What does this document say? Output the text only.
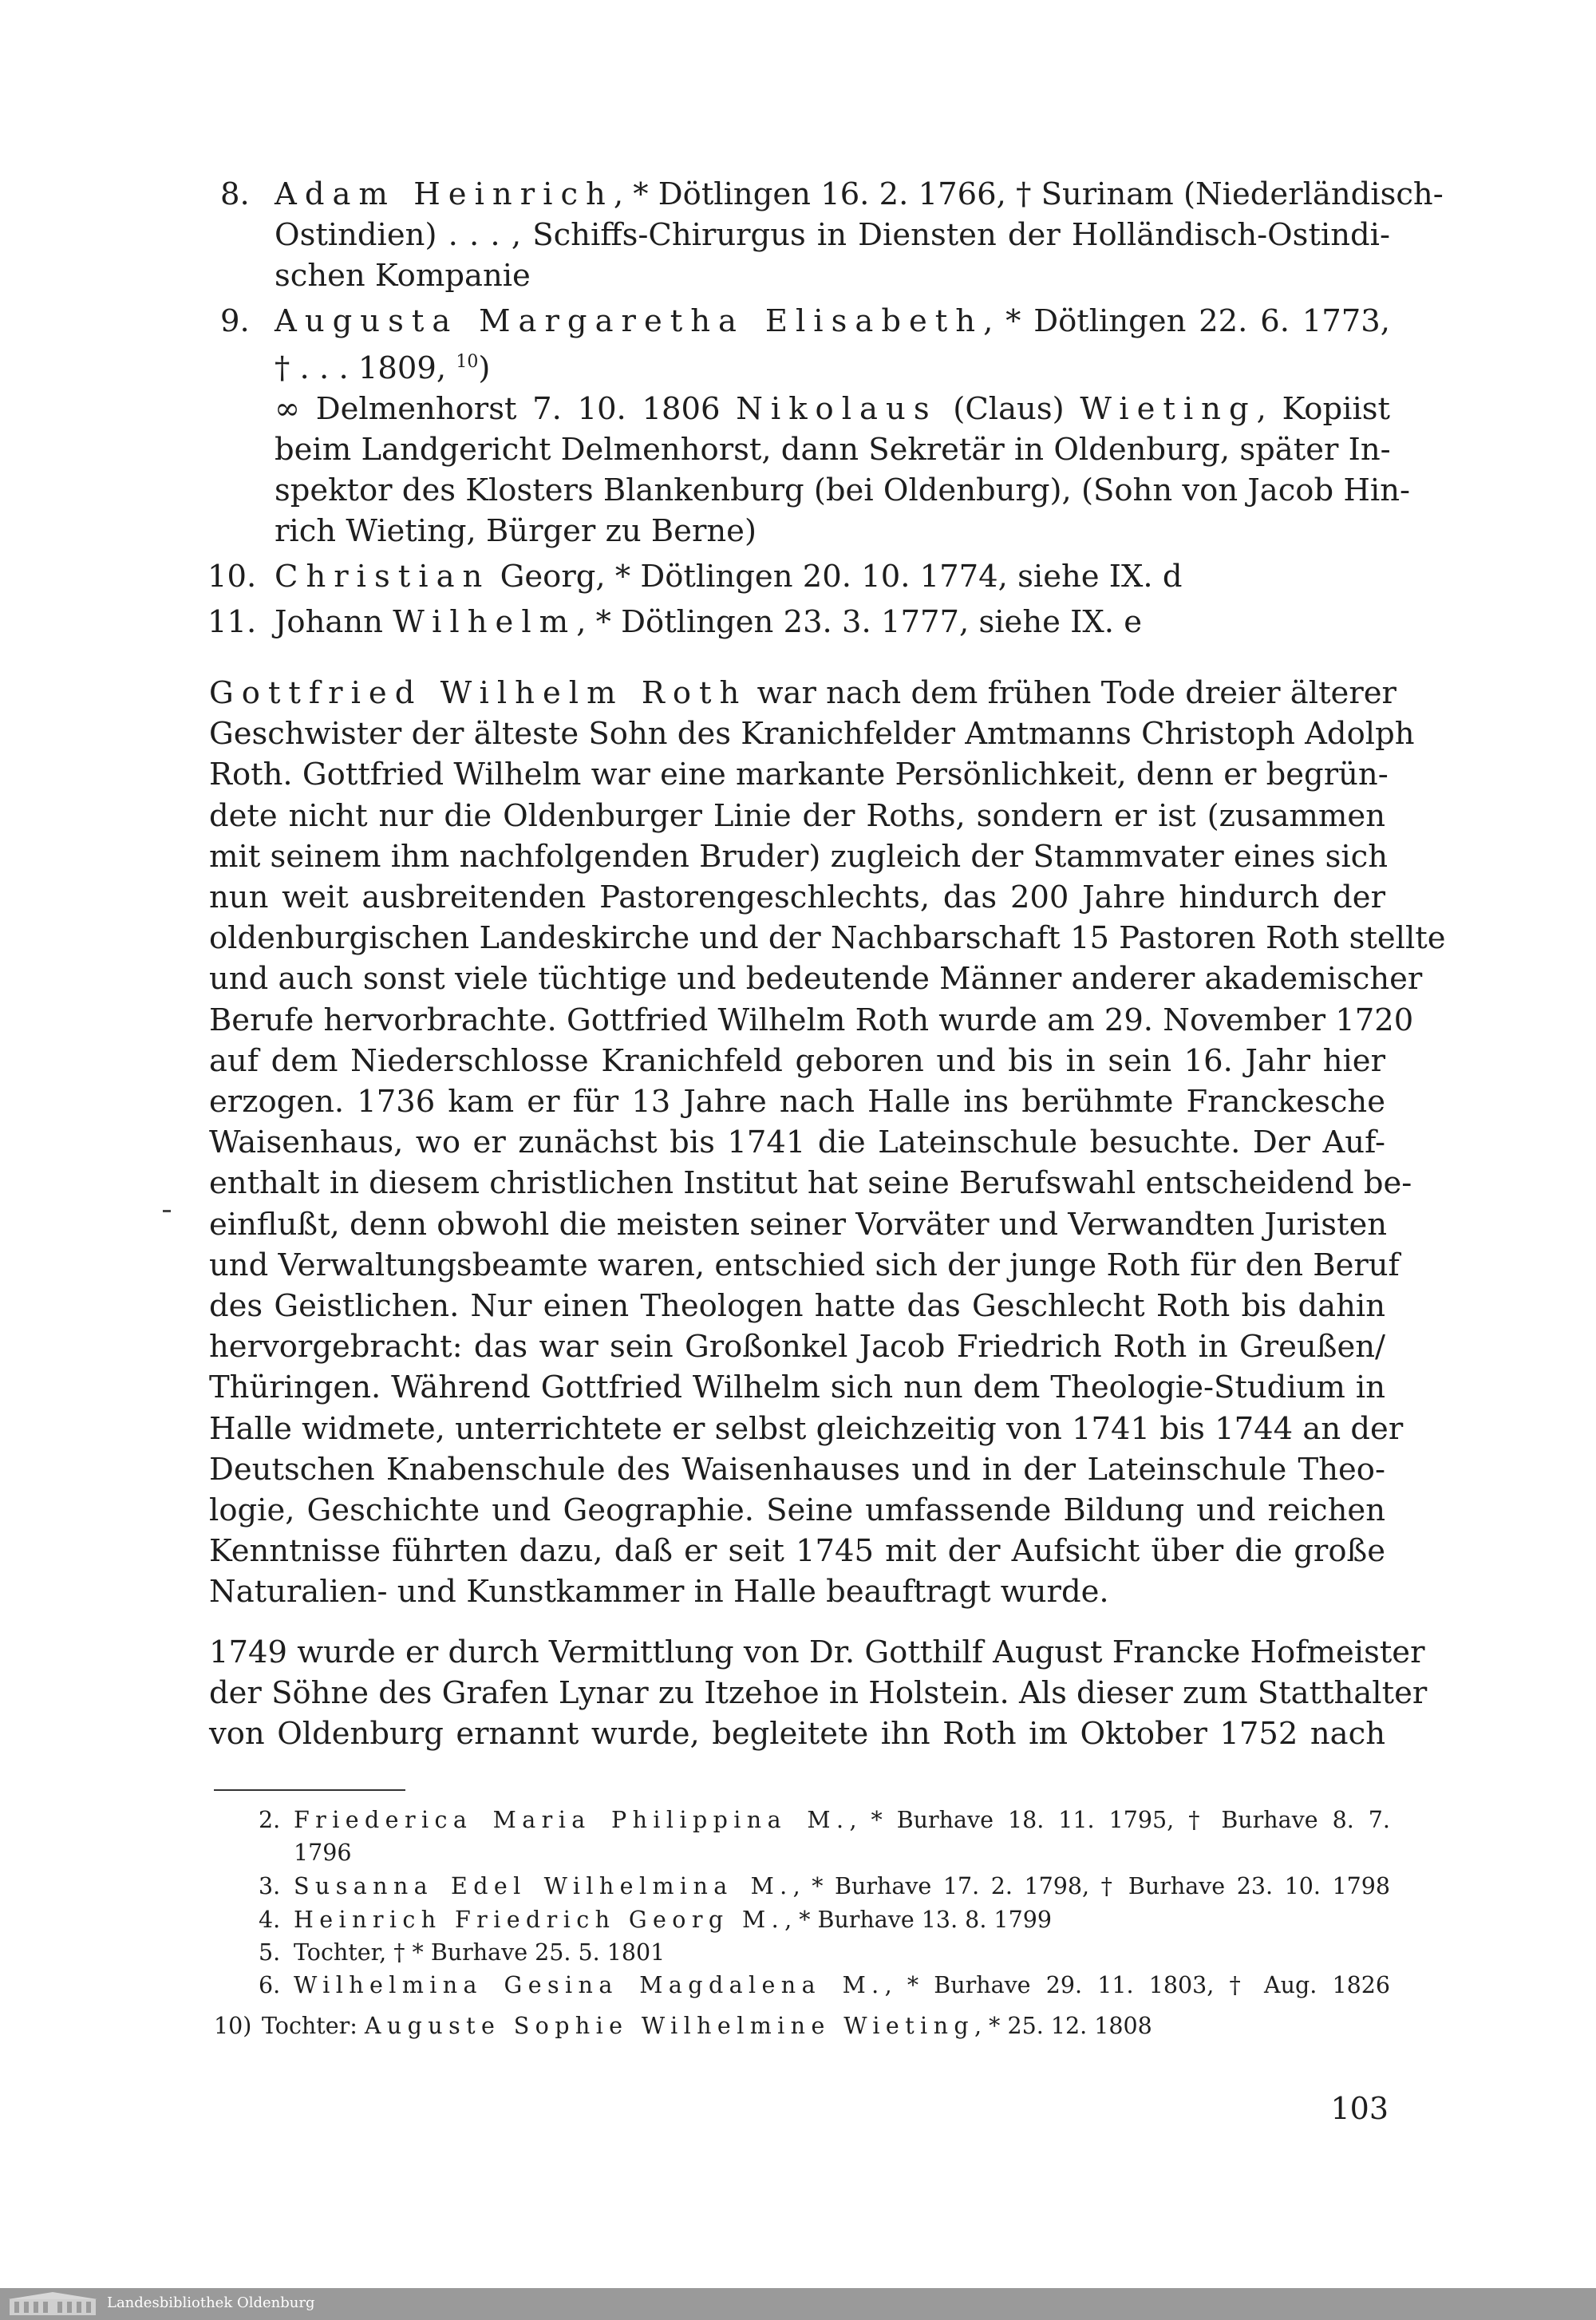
8. Adam Heinrich, * Dötlingen 16. 2. 1766, † Surinam (Niederländisch-
Ostindien) . . . , Schiffs-Chirurgus in Diensten der Holländisch-Ostindi-
schen Kompanie
9. Augusta Margaretha Elisabeth, * Dötlingen 22. 6. 1773,
† . . . 1809, $^{10}$)
∞ Delmenhorst 7. 10. 1806 Nikolaus (Claus) Wieting, Kopiist
beim Landgericht Delmenhorst, dann Sekretär in Oldenburg, später In-
spektor des Klosters Blankenburg (bei Oldenburg), (Sohn von Jacob Hin-
rich Wieting, Bürger zu Berne)
10. Christian Georg, * Dötlingen 20. 10. 1774, siehe IX. d
11. Johann Wilhelm, * Dötlingen 23. 3. 1777, siehe IX. e
Gottfried Wilhelm Roth war nach dem frühen Tode dreier älterer
Geschwister der älteste Sohn des Kranichfelder Amtmanns Christoph Adolph
Roth. Gottfried Wilhelm war eine markante Persönlichkeit, denn er begrün-
dete nicht nur die Oldenburger Linie der Roths, sondern er ist (zusammen
mit seinem ihm nachfolgenden Bruder) zugleich der Stammvater eines sich
nun weit ausbreitenden Pastorengeschlechts, das 200 Jahre hindurch der
oldenburgischen Landeskirche und der Nachbarschaft 15 Pastoren Roth stellte
und auch sonst viele tüchtige und bedeutende Männer anderer akademischer
Berufe hervorbrachte. Gottfried Wilhelm Roth wurde am 29. November 1720
auf dem Niederschlosse Kranichfeld geboren und bis in sein 16. Jahr hier
erzogen. 1736 kam er für 13 Jahre nach Halle ins berühmte Franckesche
Waisenhaus, wo er zunächst bis 1741 die Lateinschule besuchte. Der Auf-
enthalt in diesem christlichen Institut hat seine Berufswahl entscheidend be-
einflußt, denn obwohl die meisten seiner Vorväter und Verwandten Juristen
und Verwaltungsbeamte waren, entschied sich der junge Roth für den Beruf
des Geistlichen. Nur einen Theologen hatte das Geschlecht Roth bis dahin
hervorgebracht: das war sein Großonkel Jacob Friedrich Roth in Greußen/
Thüringen. Während Gottfried Wilhelm sich nun dem Theologie-Studium in
Halle widmete, unterrichtete er selbst gleichzeitig von 1741 bis 1744 an der
Deutschen Knabenschule des Waisenhauses und in der Lateinschule Theo-
logie, Geschichte und Geographie. Seine umfassende Bildung und reichen
Kenntnisse führten dazu, daß er seit 1745 mit der Aufsicht über die große
Naturalien- und Kunstkammer in Halle beauftragt wurde.
1749 wurde er durch Vermittlung von Dr. Gotthilf August Francke Hofmeister
der Söhne des Grafen Lynar zu Itzehoe in Holstein. Als dieser zum Statthalter
von Oldenburg ernannt wurde, begleitete ihn Roth im Oktober 1752 nach
2. Friederica Maria Philippina M., * Burhave 18. 11. 1795, † Burhave 8. 7.
1796
3. Susanna Edel Wilhelmina M., * Burhave 17. 2. 1798, † Burhave 23. 10. 1798
4. Heinrich Friedrich Georg M., * Burhave 13. 8. 1799
5. Tochter, † * Burhave 25. 5. 1801
6. Wilhelmina Gesina Magdalena M., * Burhave 29. 11. 1803, † Aug. 1826
10) Tochter: Auguste Sophie Wilhelmine Wieting, * 25. 12. 1808
103
Landesbibliothek Oldenburg
